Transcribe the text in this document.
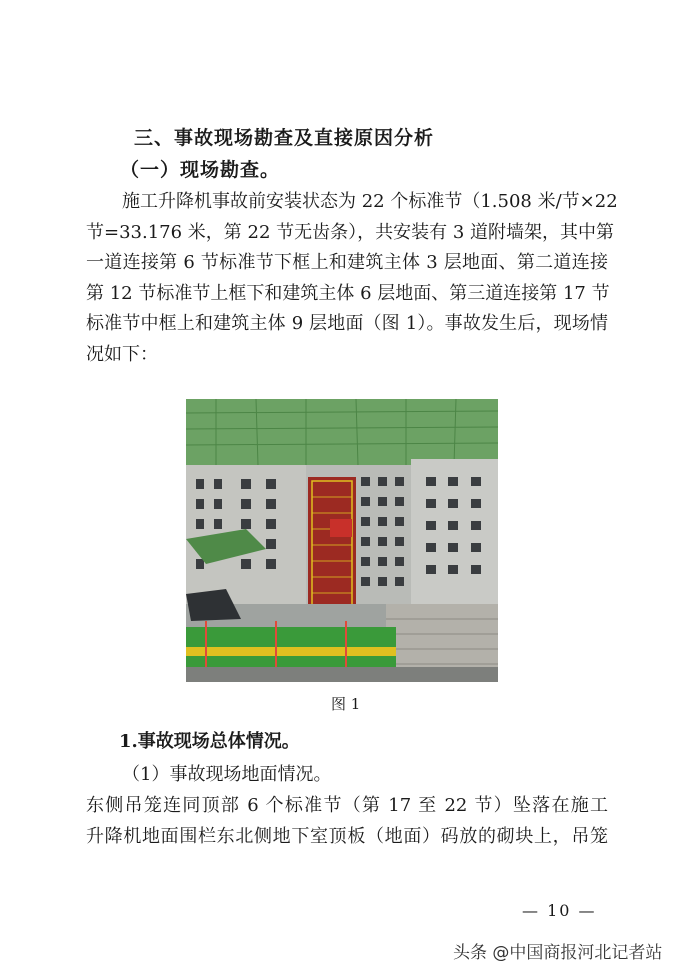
三、事故现场勘查及直接原因分析
（一）现场勘查。
施工升降机事故前安装状态为 22 个标准节（1.508 米/节×22
节=33.176 米，第 22 节无齿条），共安装有 3 道附墙架，其中第
一道连接第 6 节标准节下框上和建筑主体 3 层地面、第二道连接
第 12 节标准节上框下和建筑主体 6 层地面、第三道连接第 17 节
标准节中框上和建筑主体 9 层地面（图 1）。事故发生后，现场情
况如下：
图 1
1.事故现场总体情况。
（1）事故现场地面情况。
东侧吊笼连同顶部 6 个标准节（第 17 至 22 节）坠落在施工
升降机地面围栏东北侧地下室顶板（地面）码放的砌块上，吊笼
— 10 —
头条 @中国商报河北记者站
